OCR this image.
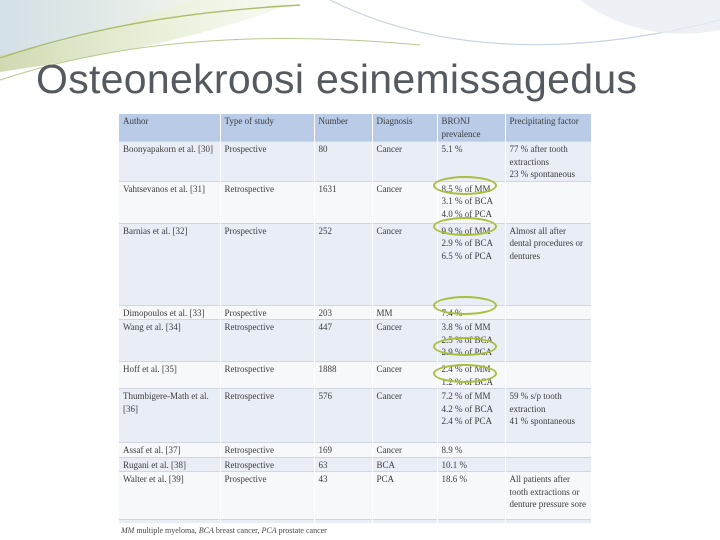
Osteonekroosi esinemissagedus
Author	Type of study	Number	Diagnosis	BRONJ prevalence	Precipitating factor
Boonyapakorn et al. [30]	Prospective	80	Cancer	5.1 %	77 % after tooth extractions
23 % spontaneous

Vahtsevanos et al. [31]	Retrospective	1631	Cancer	8.5 % of MM
3.1 % of BCA
4.0 % of PCA	

Barnias et al. [32]	Prospective	252	Cancer	9.9 % of MM
2.9 % of BCA
6.5 % of PCA	Almost all after dental procedures or dentures

Dimopoulos et al. [33]	Prospective	203	MM	7.4 %	

Wang et al. [34]	Retrospective	447	Cancer	3.8 % of MM
2.5 % of BCA
2.9 % of PCA	

Hoff et al. [35]	Retrospective	1888	Cancer	2.4 % of MM
1.2 % of BCA	

Thumbigere-Math et al. [36]	Retrospective	576	Cancer	7.2 % of MM
4.2 % of BCA
2.4 % of PCA	59 % s/p tooth extraction
41 % spontaneous

Assaf et al. [37]	Retrospective	169	Cancer	8.9 %	

Rugani et al. [38]	Retrospective	63	BCA	10.1 %	

Walter et al. [39]	Prospective	43	PCA	18.6 %	All patients after tooth extractions or denture pressure sore

MM multiple myeloma, BCA breast cancer, PCA prostate cancer
